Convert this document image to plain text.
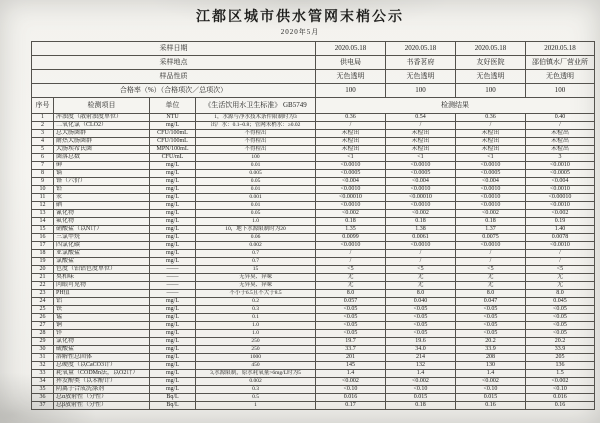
江都区城市供水管网末梢公示
2020年5月
采样日期				2020.05.18	2020.05.18	2020.05.18	2020.05.18
采样地点				供电局	书香茗府	友好医院	邵伯镇水厂营业所
样品性质				无色透明	无色透明	无色透明	无色透明
合格率（%）（合格项次／总项次）				100	100	100	100
序号	检测项目	单位	《生活饮用水卫生标准》 GB5749	检测结果			
1	浑浊度（散射浊度单位）	NTU	1，水源与净水技术条件限制时为3	0.36	0.54	0.36	0.40
2	二氧化氯（CLO2）	mg/L	出厂水：0.1~0.8；管网末梢水：≥0.02	/	/	/	/
3	总大肠菌群	CFU/100mL	不得检出	未检出	未检出	未检出	未检出
4	耐热大肠菌群	CFU/100mL	不得检出	未检出	未检出	未检出	未检出
5	大肠埃希氏菌	MPN/100mL	不得检出	未检出	未检出	未检出	未检出
6	菌落总数	CFU/mL	100	<1	<1	<1	3
7	砷	mg/L	0.01	<0.0010	<0.0010	<0.0010	<0.0010
8	镉	mg/L	0.005	<0.0005	<0.0005	<0.0005	<0.0005
9	铬（六价）	mg/L	0.05	<0.004	<0.004	<0.004	<0.004
10	铅	mg/L	0.01	<0.0010	<0.0010	<0.0010	<0.0010
11	汞	mg/L	0.001	<0.00010	<0.00010	<0.0010	<0.00010
12	硒	mg/L	0.01	<0.0010	<0.0010	<0.0010	<0.0010
13	氰化物	mg/L	0.05	<0.002	<0.002	<0.002	<0.002
14	氟化物	mg/L	1.0	0.18	0.18	0.18	0.19
15	硝酸盐（以N计）	mg/L	10，地下水源限制时为20	1.35	1.38	1.37	1.40
16	三氯甲烷	mg/L	0.06	0.0099	0.0061	0.0075	0.0078
17	四氯化碳	mg/L	0.002	<0.0010	<0.0010	<0.0010	<0.0010
18	亚氯酸盐	mg/L	0.7	/	/	/	/
19	氯酸盐	mg/L	0.7	/	/	/	/
20	色度（铂钴色度单位）	——	15	<5	<5	<5	<5
21	臭和味	——	无异臭、异味	无	无	无	无
22	肉眼可见物	——	无异臭、异味	无	无	无	无
23	PH值	——	不小于6.5且不大于8.5	8.0	8.0	8.0	8.0
24	铝	mg/L	0.2	0.057	0.040	0.047	0.045
25	铁	mg/L	0.3	<0.05	<0.05	<0.05	<0.05
26	锰	mg/L	0.1	<0.05	<0.05	<0.05	<0.05
27	铜	mg/L	1.0	<0.05	<0.05	<0.05	<0.05
28	锌	mg/L	1.0	<0.05	<0.05	<0.05	<0.05
29	氯化物	mg/L	250	19.7	19.6	20.2	20.2
30	硫酸盐	mg/L	250	33.7	34.0	33.9	33.9
31	溶解性总固体	mg/L	1000	201	214	208	205
32	总硬度（以CaCO3计）	mg/L	450	145	132	130	136
33	耗氧量（CODMn法，以O2计）	mg/L	3,水源限制，原水耗氧量>6mg/L时为5	1.4	1.4	1.4	1.5
34	挥发酚类（以苯酚计）	mg/L	0.002	<0.002	<0.002	<0.002	<0.002
35	阴离子合成洗涤剂	mg/L	0.3	<0.10	<0.10	<0.10	<0.10
36	总α放射性（分性）	Bq/L	0.5	0.016	0.015	0.015	0.016
37	总β放射性（分性）	Bq/L	1	0.17	0.18	0.16	0.16
